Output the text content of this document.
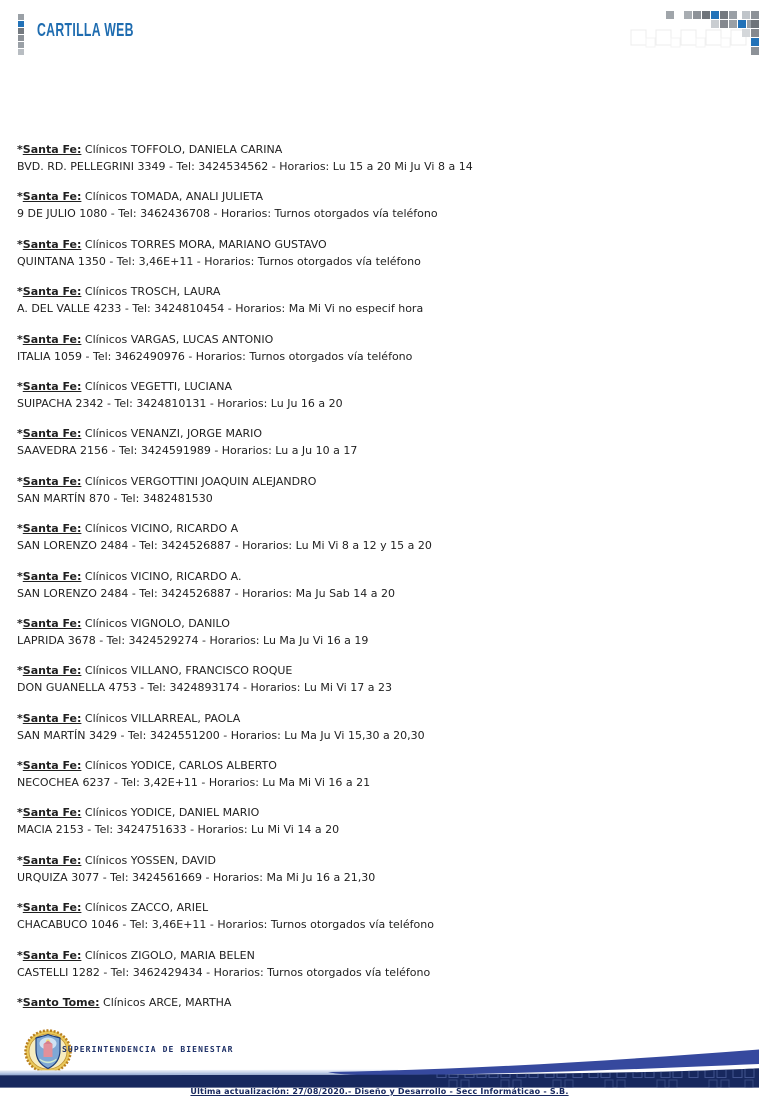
CARTILLA WEB
*Santa Fe: Clínicos TOFFOLO, DANIELA CARINA
BVD. RD. PELLEGRINI 3349 - Tel: 3424534562 - Horarios: Lu 15 a 20 Mi Ju Vi 8 a 14
*Santa Fe: Clínicos TOMADA, ANALI JULIETA
9 DE JULIO 1080 - Tel: 3462436708 - Horarios: Turnos otorgados vía teléfono
*Santa Fe: Clínicos TORRES MORA, MARIANO GUSTAVO
QUINTANA 1350 - Tel: 3,46E+11 - Horarios: Turnos otorgados vía teléfono
*Santa Fe: Clínicos TROSCH, LAURA
A. DEL VALLE 4233 - Tel: 3424810454 - Horarios: Ma Mi Vi no especif hora
*Santa Fe: Clínicos VARGAS, LUCAS ANTONIO
ITALIA 1059 - Tel: 3462490976 - Horarios: Turnos otorgados vía teléfono
*Santa Fe: Clínicos VEGETTI, LUCIANA
SUIPACHA 2342 - Tel: 3424810131 - Horarios: Lu Ju 16 a 20
*Santa Fe: Clínicos VENANZI, JORGE MARIO
SAAVEDRA 2156 - Tel: 3424591989 - Horarios: Lu a Ju 10 a 17
*Santa Fe: Clínicos VERGOTTINI JOAQUIN ALEJANDRO
SAN MARTÍN 870 - Tel: 3482481530
*Santa Fe: Clínicos VICINO, RICARDO A
SAN LORENZO 2484 - Tel: 3424526887 - Horarios: Lu Mi Vi 8 a 12 y 15 a 20
*Santa Fe: Clínicos VICINO, RICARDO A.
SAN LORENZO 2484 - Tel: 3424526887 - Horarios: Ma Ju Sab 14 a 20
*Santa Fe: Clínicos VIGNOLO, DANILO
LAPRIDA 3678 - Tel: 3424529274 - Horarios: Lu Ma Ju Vi 16 a 19
*Santa Fe: Clínicos VILLANO, FRANCISCO ROQUE
DON GUANELLA 4753 - Tel: 3424893174 - Horarios: Lu Mi Vi 17 a 23
*Santa Fe: Clínicos VILLARREAL, PAOLA
SAN MARTÍN 3429 - Tel: 3424551200 - Horarios: Lu Ma Ju Vi 15,30 a 20,30
*Santa Fe: Clínicos YODICE, CARLOS ALBERTO
NECOCHEA 6237 - Tel: 3,42E+11 - Horarios: Lu Ma Mi Vi 16 a 21
*Santa Fe: Clínicos YODICE, DANIEL MARIO
MACIA 2153 - Tel: 3424751633 - Horarios: Lu Mi Vi 14 a 20
*Santa Fe: Clínicos YOSSEN, DAVID
URQUIZA 3077 - Tel: 3424561669 - Horarios: Ma Mi Ju 16 a 21,30
*Santa Fe: Clínicos ZACCO, ARIEL
CHACABUCO 1046 - Tel: 3,46E+11 - Horarios: Turnos otorgados vía teléfono
*Santa Fe: Clínicos ZIGOLO, MARIA BELEN
CASTELLI 1282 - Tel: 3462429434 - Horarios: Turnos otorgados vía teléfono
*Santo Tome: Clínicos ARCE, MARTHA
SUPERINTENDENCIA DE BIENESTAR
Última actualización: 27/08/2020.- Diseño y Desarrollo - Secc Informáticao - S.B.
